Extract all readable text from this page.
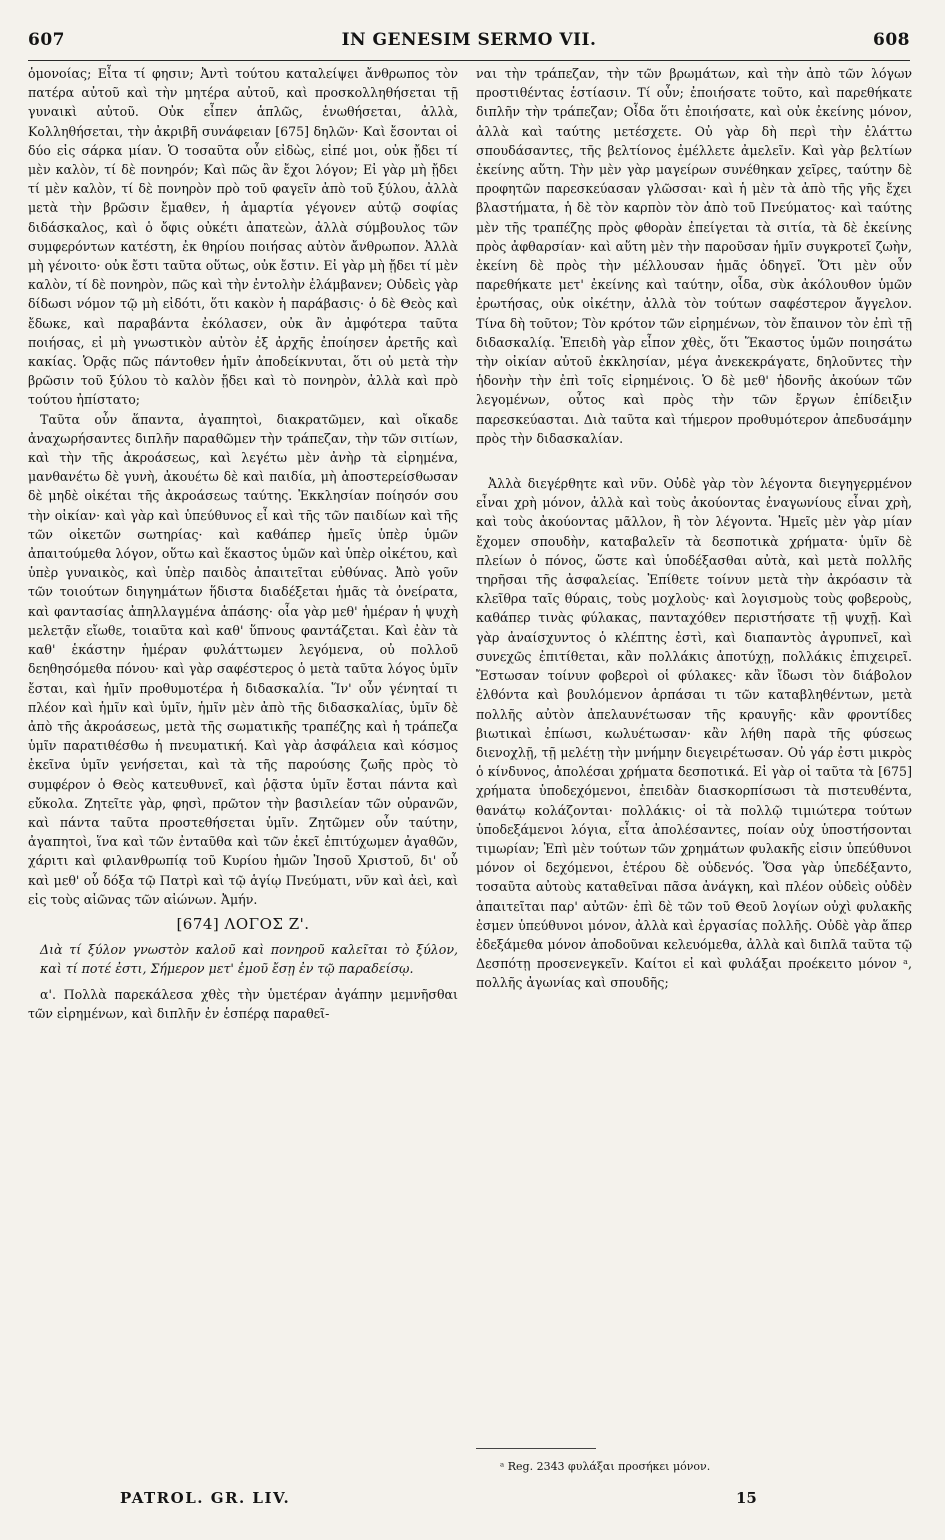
607	IN GENESIM SERMO VII.	608

ὁμονοίας; Εἶτα τί φησιν; Ἀντὶ τούτου καταλείψει ἄνθρωπος τὸν πατέρα αὐτοῦ καὶ τὴν μητέρα αὐτοῦ, καὶ προσκολληθήσεται τῇ γυναικὶ αὐτοῦ. Οὐκ εἶπεν ἁπλῶς, ἑνωθήσεται, ἀλλὰ, Κολληθήσεται, τὴν ἀκριβῆ συνάφειαν [675] δηλῶν· Καὶ ἔσονται οἱ δύο εἰς σάρκα μίαν. Ὁ τοσαῦτα οὖν εἰδὼς, εἰπέ μοι, οὐκ ᾔδει τί μὲν καλὸν, τί δὲ πονηρόν; Καὶ πῶς ἂν ἔχοι λόγον; Εἰ γὰρ μὴ ᾔδει τί μὲν καλὸν, τί δὲ πονηρὸν πρὸ τοῦ φαγεῖν ἀπὸ τοῦ ξύλου, ἀλλὰ μετὰ τὴν βρῶσιν ἔμαθεν, ἡ ἁμαρτία γέγονεν αὐτῷ σοφίας διδάσκαλος, καὶ ὁ ὄφις οὐκέτι ἀπατεὼν, ἀλλὰ σύμβουλος τῶν συμφερόντων κατέστη, ἐκ θηρίου ποιήσας αὐτὸν ἄνθρωπον. Ἀλλὰ μὴ γένοιτο· οὐκ ἔστι ταῦτα οὕτως, οὐκ ἔστιν. Εἰ γὰρ μὴ ᾔδει τί μὲν καλὸν, τί δὲ πονηρὸν, πῶς καὶ τὴν ἐντολὴν ἐλάμβανεν; Οὐδεὶς γὰρ δίδωσι νόμον τῷ μὴ εἰδότι, ὅτι κακὸν ἡ παράβασις· ὁ δὲ Θεὸς καὶ ἔδωκε, καὶ παραβάντα ἐκόλασεν, οὐκ ἂν ἀμφότερα ταῦτα ποιήσας, εἰ μὴ γνωστικὸν αὐτὸν ἐξ ἀρχῆς ἐποίησεν ἀρετῆς καὶ κακίας. Ὁρᾷς πῶς πάντοθεν ἡμῖν ἀποδείκνυται, ὅτι οὐ μετὰ τὴν βρῶσιν τοῦ ξύλου τὸ καλὸν ᾔδει καὶ τὸ πονηρὸν, ἀλλὰ καὶ πρὸ τούτου ἠπίστατο;

Ταῦτα οὖν ἅπαντα, ἀγαπητοὶ, διακρατῶμεν, καὶ οἴκαδε ἀναχωρήσαντες διπλῆν παραθῶμεν τὴν τράπεζαν, τὴν τῶν σιτίων, καὶ τὴν τῆς ἀκροάσεως, καὶ λεγέτω μὲν ἀνὴρ τὰ εἰρημένα, μανθανέτω δὲ γυνὴ, ἀκουέτω δὲ καὶ παιδία, μὴ ἀποστερείσθωσαν δὲ μηδὲ οἰκέται τῆς ἀκροάσεως ταύτης. Ἐκκλησίαν ποίησόν σου τὴν οἰκίαν· καὶ γὰρ καὶ ὑπεύθυνος εἶ καὶ τῆς τῶν παιδίων καὶ τῆς τῶν οἰκετῶν σωτηρίας· καὶ καθάπερ ἡμεῖς ὑπὲρ ὑμῶν ἀπαιτούμεθα λόγον, οὕτω καὶ ἕκαστος ὑμῶν καὶ ὑπὲρ οἰκέτου, καὶ ὑπὲρ γυναικὸς, καὶ ὑπὲρ παιδὸς ἀπαιτεῖται εὐθύνας. Ἀπὸ γοῦν τῶν τοιούτων διηγημάτων ἥδιστα διαδέξεται ἡμᾶς τὰ ὀνείρατα, καὶ φαντασίας ἀπηλλαγμένα ἁπάσης· οἷα γὰρ μεθ' ἡμέραν ἡ ψυχὴ μελετᾷν εἴωθε, τοιαῦτα καὶ καθ' ὕπνους φαντάζεται. Καὶ ἐὰν τὰ καθ' ἑκάστην ἡμέραν φυλάττωμεν λεγόμενα, οὐ πολλοῦ δεηθησόμεθα πόνου· καὶ γὰρ σαφέστερος ὁ μετὰ ταῦτα λόγος ὑμῖν ἔσται, καὶ ἡμῖν προθυμοτέρα ἡ διδασκαλία. Ἵν' οὖν γένηταί τι πλέον καὶ ἡμῖν καὶ ὑμῖν, ἡμῖν μὲν ἀπὸ τῆς διδασκαλίας, ὑμῖν δὲ ἀπὸ τῆς ἀκροάσεως, μετὰ τῆς σωματικῆς τραπέζης καὶ ἡ τράπεζα ὑμῖν παρατιθέσθω ἡ πνευματική. Καὶ γὰρ ἀσφάλεια καὶ κόσμος ἐκεῖνα ὑμῖν γενήσεται, καὶ τὰ τῆς παρούσης ζωῆς πρὸς τὸ συμφέρον ὁ Θεὸς κατευθυνεῖ, καὶ ῥᾷστα ὑμῖν ἔσται πάντα καὶ εὔκολα. Ζητεῖτε γὰρ, φησὶ, πρῶτον τὴν βασιλείαν τῶν οὐρανῶν, καὶ πάντα ταῦτα προστεθήσεται ὑμῖν. Ζητῶμεν οὖν ταύτην, ἀγαπητοὶ, ἵνα καὶ τῶν ἐνταῦθα καὶ τῶν ἐκεῖ ἐπιτύχωμεν ἀγαθῶν, χάριτι καὶ φιλανθρωπίᾳ τοῦ Κυρίου ἡμῶν Ἰησοῦ Χριστοῦ, δι' οὗ καὶ μεθ' οὗ δόξα τῷ Πατρὶ καὶ τῷ ἁγίῳ Πνεύματι, νῦν καὶ ἀεὶ, καὶ εἰς τοὺς αἰῶνας τῶν αἰώνων. Ἀμήν.

[674] ΛΟΓΟΣ Ζ'.
Διὰ τί ξύλον γνωστὸν καλοῦ καὶ πονηροῦ καλεῖται τὸ ξύλον, καὶ τί ποτέ ἐστι, Σήμερον μετ' ἐμοῦ ἔσῃ ἐν τῷ παραδείσῳ.

α'. Πολλὰ παρεκάλεσα χθὲς τὴν ὑμετέραν ἀγάπην μεμνῆσθαι τῶν εἰρημένων, καὶ διπλῆν ἐν ἑσπέρᾳ παραθεῖ-

ναι τὴν τράπεζαν, τὴν τῶν βρωμάτων, καὶ τὴν ἀπὸ τῶν λόγων προστιθέντας ἑστίασιν. Τί οὖν; ἐποιήσατε τοῦτο, καὶ παρεθήκατε διπλῆν τὴν τράπεζαν; Οἶδα ὅτι ἐποιήσατε, καὶ οὐκ ἐκείνης μόνον, ἀλλὰ καὶ ταύτης μετέσχετε. Οὐ γὰρ δὴ περὶ τὴν ἐλάττω σπουδάσαντες, τῆς βελτίονος ἐμέλλετε ἀμελεῖν. Καὶ γὰρ βελτίων ἐκείνης αὕτη. Τὴν μὲν γὰρ μαγείρων συνέθηκαν χεῖρες, ταύτην δὲ προφητῶν παρεσκεύασαν γλῶσσαι· καὶ ἡ μὲν τὰ ἀπὸ τῆς γῆς ἔχει βλαστήματα, ἡ δὲ τὸν καρπὸν τὸν ἀπὸ τοῦ Πνεύματος· καὶ ταύτης μὲν τῆς τραπέζης πρὸς φθορὰν ἐπείγεται τὰ σιτία, τὰ δὲ ἐκείνης πρὸς ἀφθαρσίαν· καὶ αὕτη μὲν τὴν παροῦσαν ἡμῖν συγκροτεῖ ζωὴν, ἐκείνη δὲ πρὸς τὴν μέλλουσαν ἡμᾶς ὁδηγεῖ. Ὅτι μὲν οὖν παρεθήκατε μετ' ἐκείνης καὶ ταύτην, οἶδα, σὺκ ἀκόλουθον ὑμῶν ἐρωτήσας, οὐκ οἰκέτην, ἀλλὰ τὸν τούτων σαφέστερον ἄγγελον. Τίνα δὴ τοῦτον; Τὸν κρότον τῶν εἰρημένων, τὸν ἔπαινον τὸν ἐπὶ τῇ διδασκαλίᾳ. Ἐπειδὴ γὰρ εἶπον χθὲς, ὅτι Ἕκαστος ὑμῶν ποιησάτω τὴν οἰκίαν αὐτοῦ ἐκκλησίαν, μέγα ἀνεκεκράγατε, δηλοῦντες τὴν ἡδονὴν τὴν ἐπὶ τοῖς εἰρημένοις. Ὁ δὲ μεθ' ἡδονῆς ἀκούων τῶν λεγομένων, οὗτος καὶ πρὸς τὴν τῶν ἔργων ἐπίδειξιν παρεσκεύασται. Διὰ ταῦτα καὶ τήμερον προθυμότερον ἀπεδυσάμην πρὸς τὴν διδασκαλίαν.

Ἀλλὰ διεγέρθητε καὶ νῦν. Οὐδὲ γὰρ τὸν λέγοντα διεγηγερμένον εἶναι χρὴ μόνον, ἀλλὰ καὶ τοὺς ἀκούοντας ἐναγωνίους εἶναι χρὴ, καὶ τοὺς ἀκούοντας μᾶλλον, ἢ τὸν λέγοντα. Ἡμεῖς μὲν γὰρ μίαν ἔχομεν σπουδὴν, καταβαλεῖν τὰ δεσποτικὰ χρήματα· ὑμῖν δὲ πλείων ὁ πόνος, ὥστε καὶ ὑποδέξασθαι αὐτὰ, καὶ μετὰ πολλῆς τηρῆσαι τῆς ἀσφαλείας. Ἐπίθετε τοίνυν μετὰ τὴν ἀκρόασιν τὰ κλεῖθρα ταῖς θύραις, τοὺς μοχλοὺς· καὶ λογισμοὺς τοὺς φοβεροὺς, καθάπερ τινὰς φύλακας, πανταχόθεν περιστήσατε τῇ ψυχῇ. Καὶ γὰρ ἀναίσχυντος ὁ κλέπτης ἐστὶ, καὶ διαπαντὸς ἀγρυπνεῖ, καὶ συνεχῶς ἐπιτίθεται, κἂν πολλάκις ἀποτύχῃ, πολλάκις ἐπιχειρεῖ. Ἔστωσαν τοίνυν φοβεροὶ οἱ φύλακες· κἂν ἴδωσι τὸν διάβολον ἐλθόντα καὶ βουλόμενον ἁρπάσαι τι τῶν καταβληθέντων, μετὰ πολλῆς αὐτὸν ἀπελαυνέτωσαν τῆς κραυγῆς· κἂν φροντίδες βιωτικαὶ ἐπίωσι, κωλυέτωσαν· κἂν λήθη παρὰ τῆς φύσεως διενοχλῇ, τῇ μελέτῃ τὴν μνήμην διεγειρέτωσαν. Οὐ γάρ ἐστι μικρὸς ὁ κίνδυνος, ἀπολέσαι χρήματα δεσποτικά. Εἰ γὰρ οἱ ταῦτα τὰ [675] χρήματα ὑποδεχόμενοι, ἐπειδὰν διασκορπίσωσι τὰ πιστευθέντα, θανάτῳ κολάζονται· πολλάκις· οἱ τὰ πολλῷ τιμιώτερα τούτων ὑποδεξάμενοι λόγια, εἶτα ἀπολέσαντες, ποίαν οὐχ ὑποστήσονται τιμωρίαν; Ἐπὶ μὲν τούτων τῶν χρημάτων φυλακῆς εἰσιν ὑπεύθυνοι μόνον οἱ δεχόμενοι, ἑτέρου δὲ οὐδενός. Ὅσα γὰρ ὑπεδέξαντο, τοσαῦτα αὐτοὺς καταθεῖναι πᾶσα ἀνάγκη, καὶ πλέον οὐδεὶς οὐδὲν ἀπαιτεῖται παρ' αὐτῶν· ἐπὶ δὲ τῶν τοῦ Θεοῦ λογίων οὐχὶ φυλακῆς ἐσμεν ὑπεύθυνοι μόνον, ἀλλὰ καὶ ἐργασίας πολλῆς. Οὐδὲ γὰρ ἅπερ ἐδεξάμεθα μόνον ἀποδοῦναι κελευόμεθα, ἀλλὰ καὶ διπλᾶ ταῦτα τῷ Δεσπότῃ προσενεγκεῖν. Καίτοι εἰ καὶ φυλάξαι προέκειτο μόνον ᵃ, πολλῆς ἀγωνίας καὶ σπουδῆς;

ᵃ Reg. 2343 φυλάξαι προσήκει μόνον.
PATROL. GR. LIV.	15
